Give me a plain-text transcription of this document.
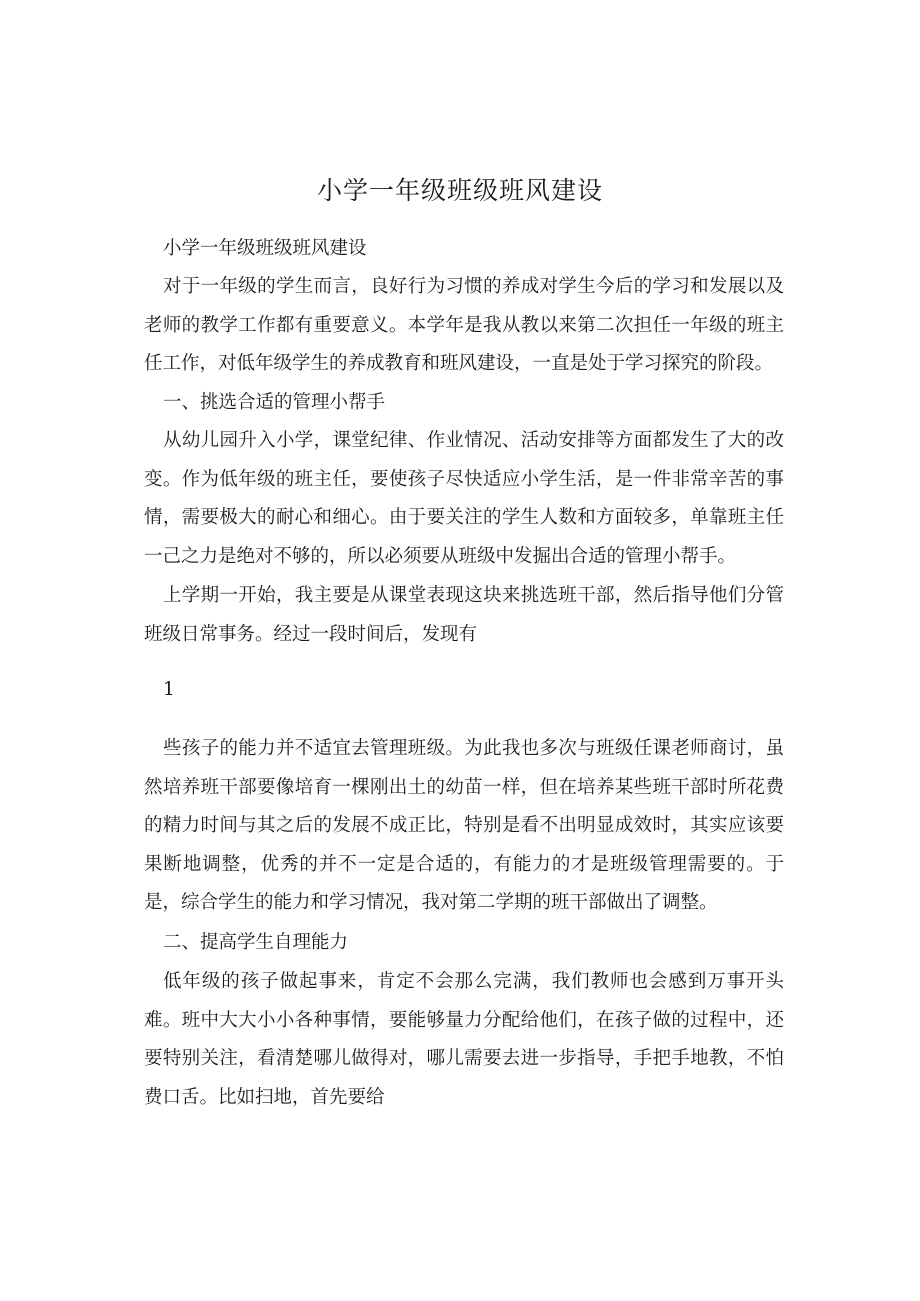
小学一年级班级班风建设
小学一年级班级班风建设
对于一年级的学生而言，良好行为习惯的养成对学生今后的学习和发展以及老师的教学工作都有重要意义。本学年是我从教以来第二次担任一年级的班主任工作，对低年级学生的养成教育和班风建设，一直是处于学习探究的阶段。
一、挑选合适的管理小帮手
从幼儿园升入小学，课堂纪律、作业情况、活动安排等方面都发生了大的改变。作为低年级的班主任，要使孩子尽快适应小学生活，是一件非常辛苦的事情，需要极大的耐心和细心。由于要关注的学生人数和方面较多，单靠班主任一己之力是绝对不够的，所以必须要从班级中发掘出合适的管理小帮手。
上学期一开始，我主要是从课堂表现这块来挑选班干部，然后指导他们分管班级日常事务。经过一段时间后，发现有
1
些孩子的能力并不适宜去管理班级。为此我也多次与班级任课老师商讨，虽然培养班干部要像培育一棵刚出土的幼苗一样，但在培养某些班干部时所花费的精力时间与其之后的发展不成正比，特别是看不出明显成效时，其实应该要果断地调整，优秀的并不一定是合适的，有能力的才是班级管理需要的。于是，综合学生的能力和学习情况，我对第二学期的班干部做出了调整。
二、提高学生自理能力
低年级的孩子做起事来，肯定不会那么完满，我们教师也会感到万事开头难。班中大大小小各种事情，要能够量力分配给他们，在孩子做的过程中，还要特别关注，看清楚哪儿做得对，哪儿需要去进一步指导，手把手地教，不怕费口舌。比如扫地，首先要给
